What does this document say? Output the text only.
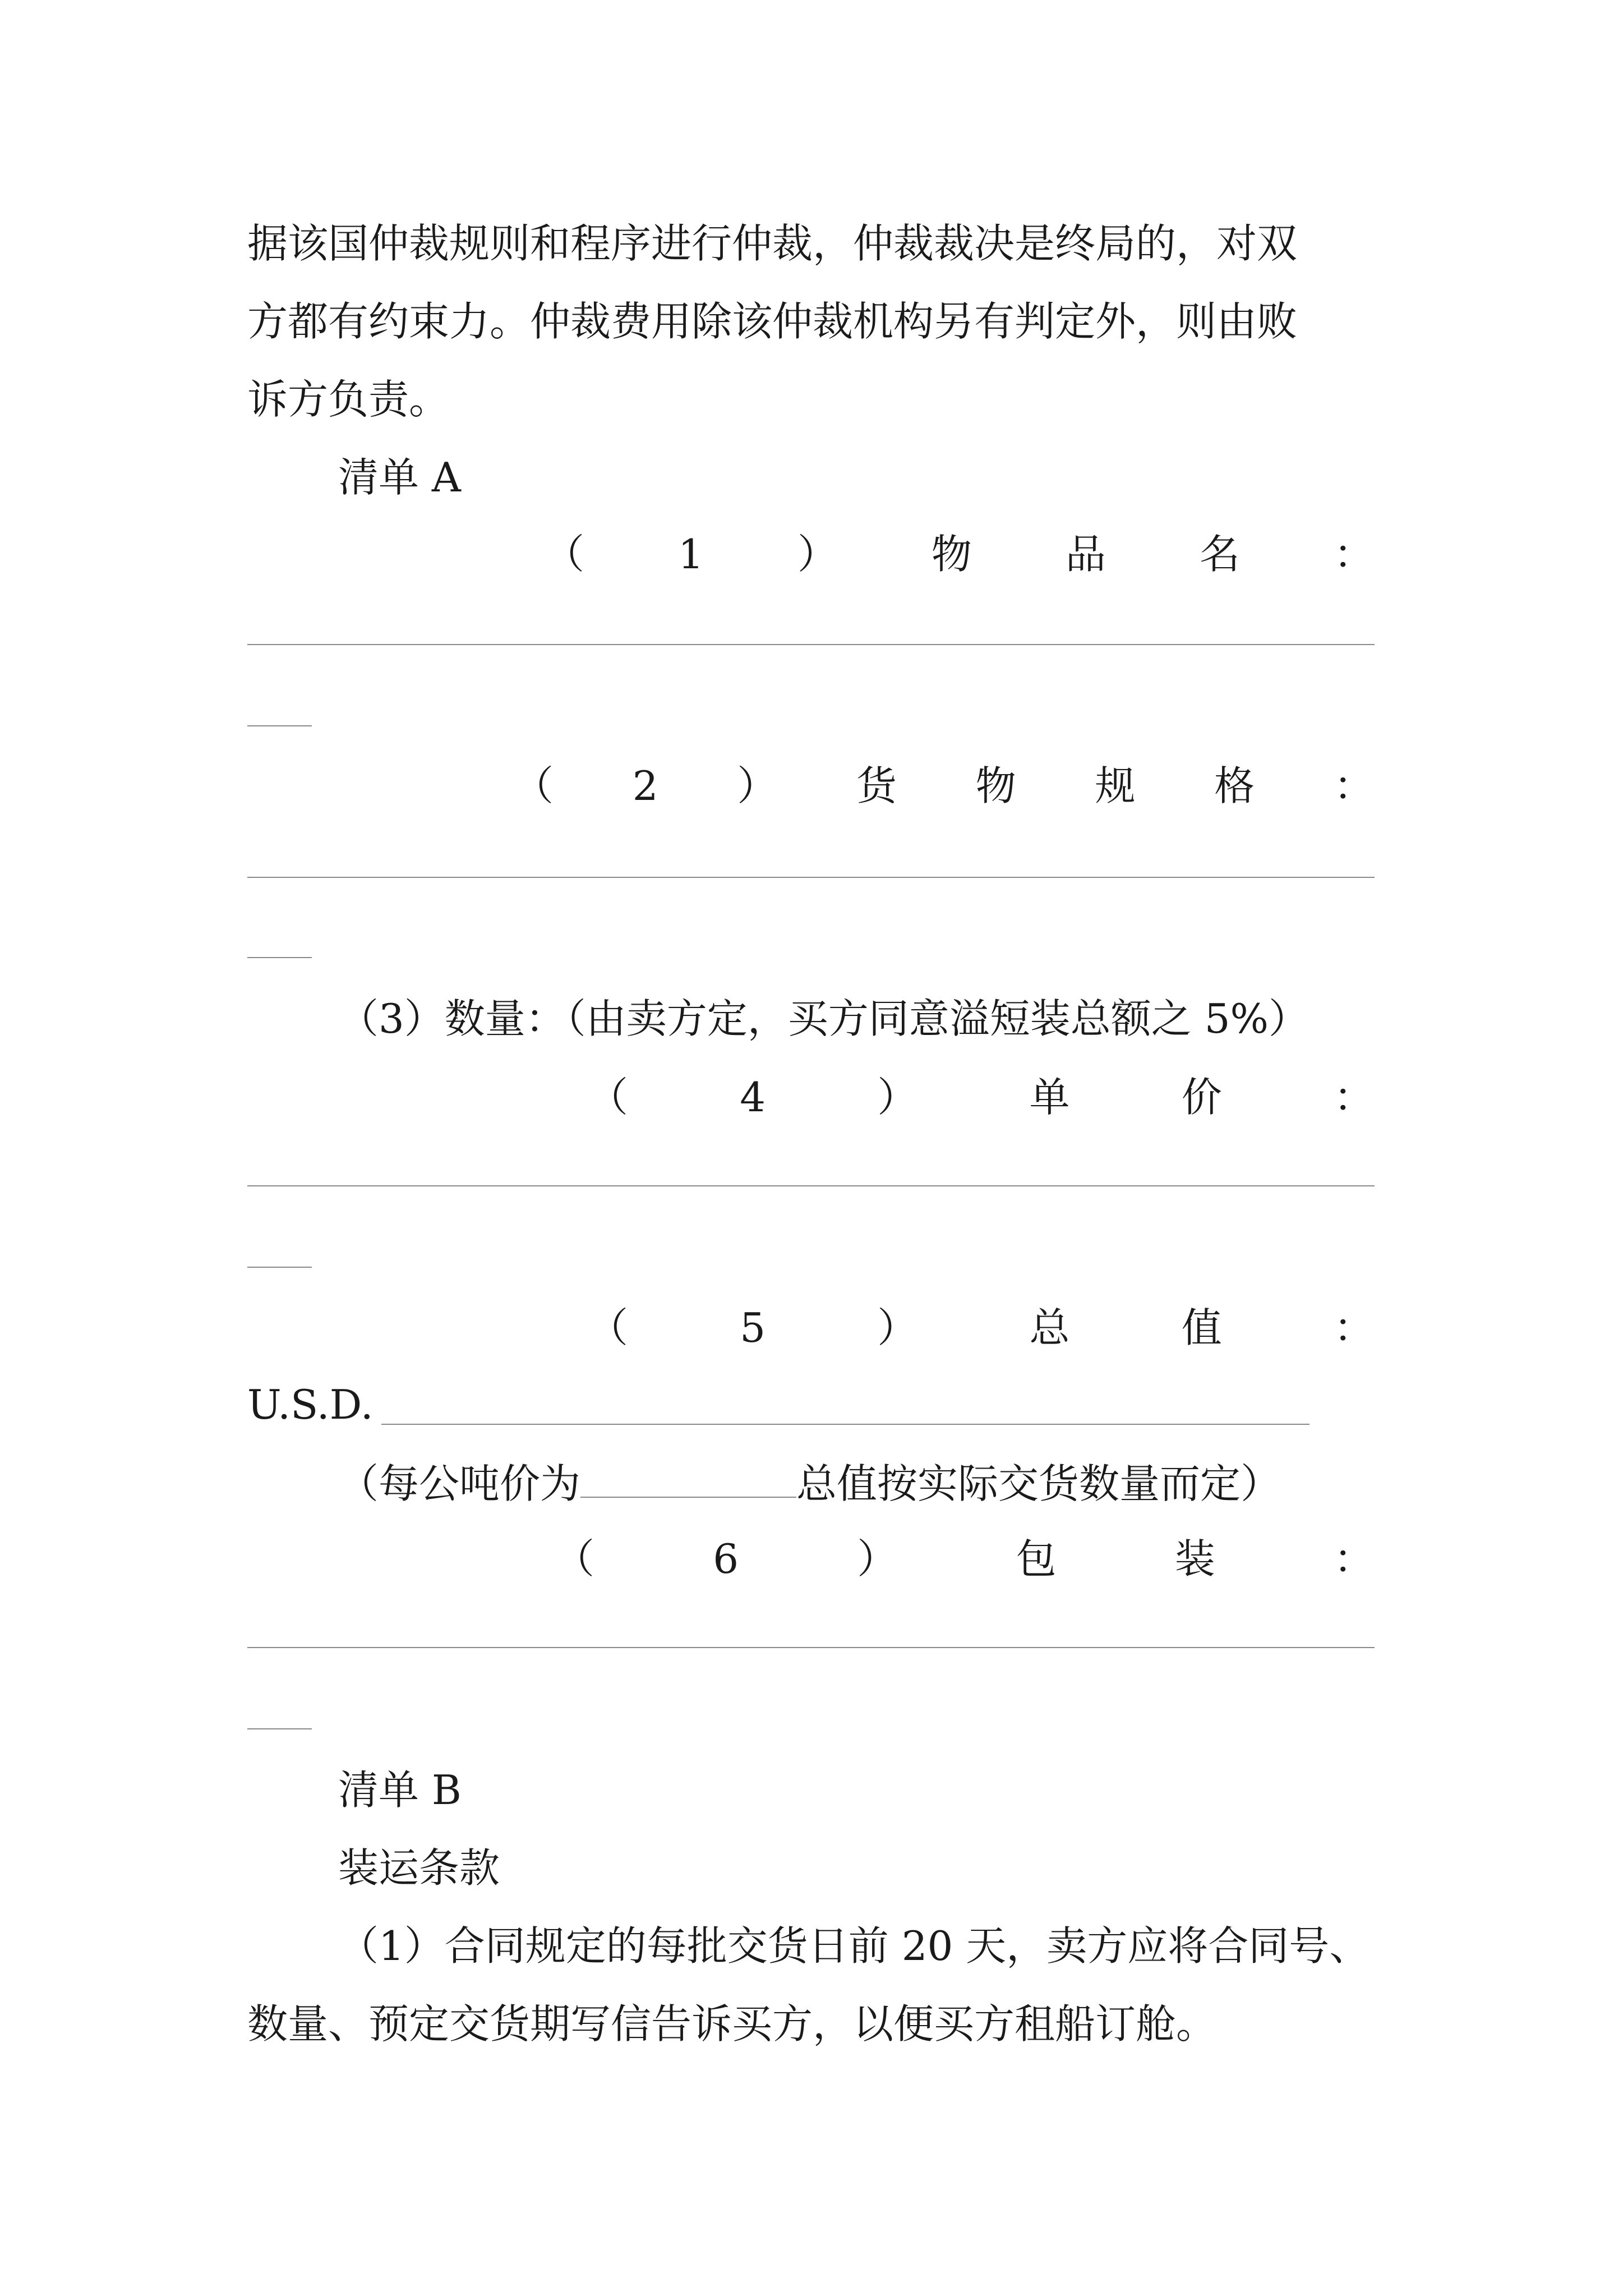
据该国仲裁规则和程序进行仲裁，仲裁裁决是终局的，对双

方都有约束力。仲裁费用除该仲裁机构另有判定外，则由败

诉方负责。

清单 A

（ 1 ） 物 品 名 ：
（ 2 ） 货 物 规 格 ：

（3）数量：（由卖方定，买方同意溢短装总额之 5%）

（	4	）	单	价	：
（	5	）	总	值	：

U.S.D.

（每公吨价为	总值按实际交货数量而定）

（	6	）	包	装	：

清单 B

装运条款

（1）合同规定的每批交货日前 20 天，卖方应将合同号、

数量、预定交货期写信告诉买方，以便买方租船订舱。
